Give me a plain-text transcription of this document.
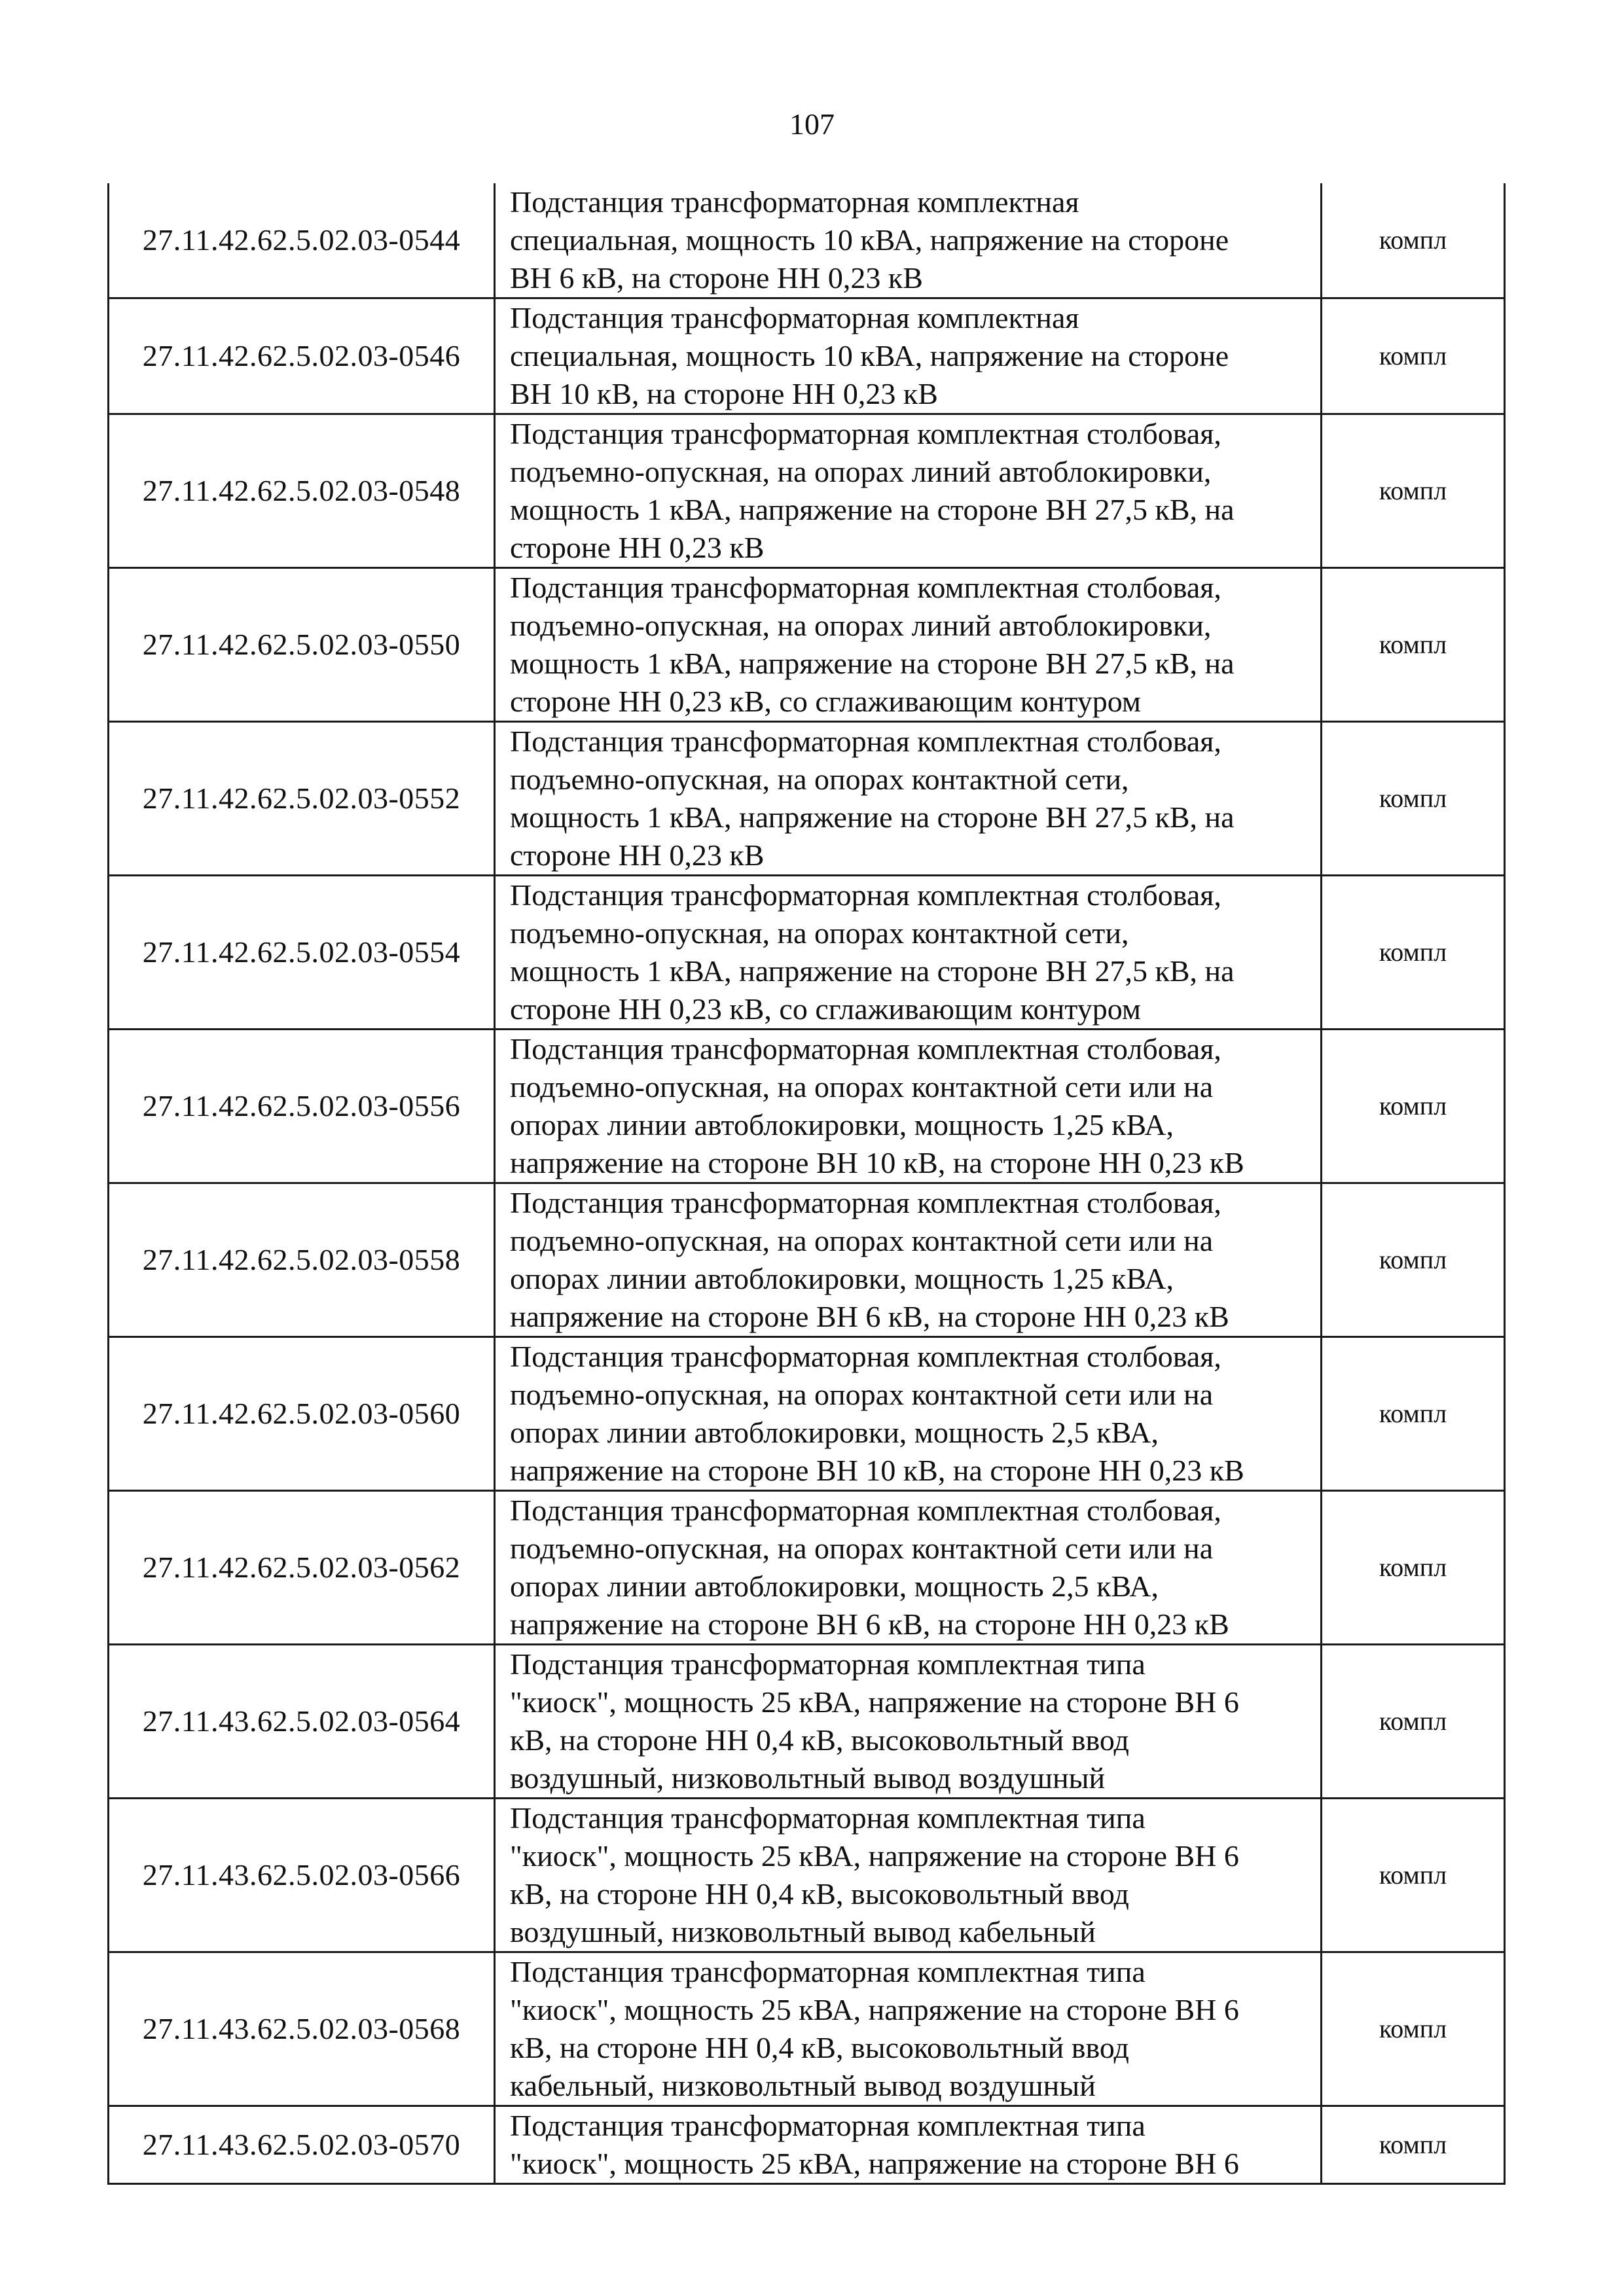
107
27.11.42.62.5.02.03-0544	Подстанция трансформаторная комплектная
специальная, мощность 10 кВА, напряжение на стороне
ВН 6 кВ, на стороне НН 0,23 кВ	компл
27.11.42.62.5.02.03-0546	Подстанция трансформаторная комплектная
специальная, мощность 10 кВА, напряжение на стороне
ВН 10 кВ, на стороне НН 0,23 кВ	компл
27.11.42.62.5.02.03-0548	Подстанция трансформаторная комплектная столбовая,
подъемно-опускная, на опорах линий автоблокировки,
мощность 1 кВА, напряжение на стороне ВН 27,5 кВ, на
стороне НН 0,23 кВ	компл
27.11.42.62.5.02.03-0550	Подстанция трансформаторная комплектная столбовая,
подъемно-опускная, на опорах линий автоблокировки,
мощность 1 кВА, напряжение на стороне ВН 27,5 кВ, на
стороне НН 0,23 кВ, со сглаживающим контуром	компл
27.11.42.62.5.02.03-0552	Подстанция трансформаторная комплектная столбовая,
подъемно-опускная, на опорах контактной сети,
мощность 1 кВА, напряжение на стороне ВН 27,5 кВ, на
стороне НН 0,23 кВ	компл
27.11.42.62.5.02.03-0554	Подстанция трансформаторная комплектная столбовая,
подъемно-опускная, на опорах контактной сети,
мощность 1 кВА, напряжение на стороне ВН 27,5 кВ, на
стороне НН 0,23 кВ, со сглаживающим контуром	компл
27.11.42.62.5.02.03-0556	Подстанция трансформаторная комплектная столбовая,
подъемно-опускная, на опорах контактной сети или на
опорах линии автоблокировки, мощность 1,25 кВА,
напряжение на стороне ВН 10 кВ, на стороне НН 0,23 кВ	компл
27.11.42.62.5.02.03-0558	Подстанция трансформаторная комплектная столбовая,
подъемно-опускная, на опорах контактной сети или на
опорах линии автоблокировки, мощность 1,25 кВА,
напряжение на стороне ВН 6 кВ, на стороне НН 0,23 кВ	компл
27.11.42.62.5.02.03-0560	Подстанция трансформаторная комплектная столбовая,
подъемно-опускная, на опорах контактной сети или на
опорах линии автоблокировки, мощность 2,5 кВА,
напряжение на стороне ВН 10 кВ, на стороне НН 0,23 кВ	компл
27.11.42.62.5.02.03-0562	Подстанция трансформаторная комплектная столбовая,
подъемно-опускная, на опорах контактной сети или на
опорах линии автоблокировки, мощность 2,5 кВА,
напряжение на стороне ВН 6 кВ, на стороне НН 0,23 кВ	компл
27.11.43.62.5.02.03-0564	Подстанция трансформаторная комплектная типа
"киоск", мощность 25 кВА, напряжение на стороне ВН 6
кВ, на стороне НН 0,4 кВ, высоковольтный ввод
воздушный, низковольтный вывод воздушный	компл
27.11.43.62.5.02.03-0566	Подстанция трансформаторная комплектная типа
"киоск", мощность 25 кВА, напряжение на стороне ВН 6
кВ, на стороне НН 0,4 кВ, высоковольтный ввод
воздушный, низковольтный вывод кабельный	компл
27.11.43.62.5.02.03-0568	Подстанция трансформаторная комплектная типа
"киоск", мощность 25 кВА, напряжение на стороне ВН 6
кВ, на стороне НН 0,4 кВ, высоковольтный ввод
кабельный, низковольтный вывод воздушный	компл
27.11.43.62.5.02.03-0570	Подстанция трансформаторная комплектная типа
"киоск", мощность 25 кВА, напряжение на стороне ВН 6	компл
